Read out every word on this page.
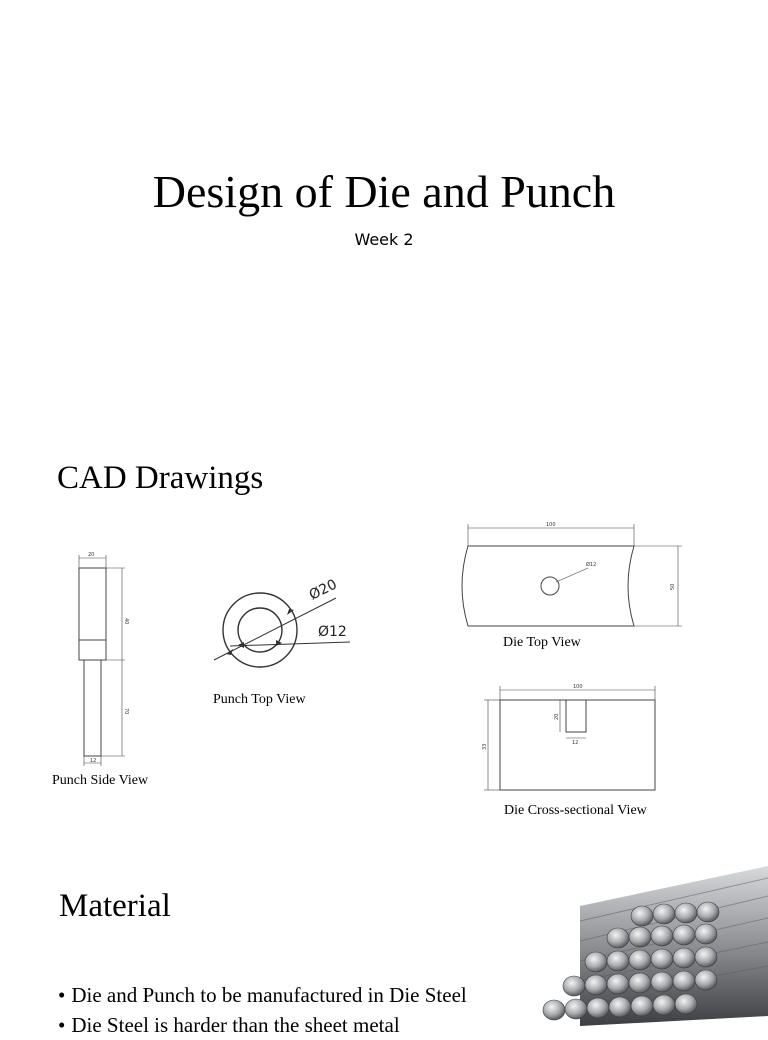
Design of Die and Punch
Week 2
CAD Drawings
20
40
70
12
Punch Side View
Ø20
Ø12
Punch Top View
100
50
Ø12
Die Top View
100
33
20
12
Die Cross-sectional View
Material
• Die and Punch to be manufactured in Die Steel
• Die Steel is harder than the sheet metal
